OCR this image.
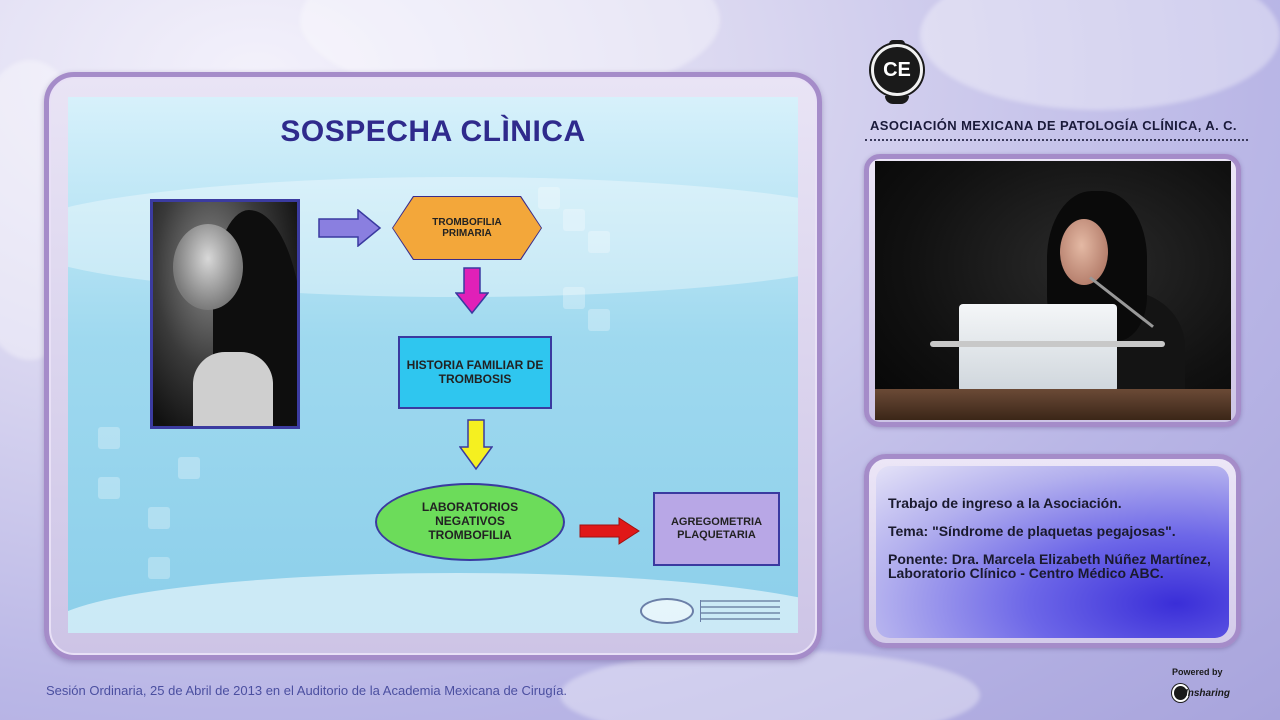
SOSPECHA CLÌNICA
TROMBOFILIA PRIMARIA
HISTORIA FAMILIAR DE TROMBOSIS
LABORATORIOS NEGATIVOS TROMBOFILIA
AGREGOMETRIA PLAQUETARIA
CE
ASOCIACIÓN MEXICANA DE PATOLOGÍA CLÍNICA, A. C.

Trabajo de ingreso a la Asociación.

Tema: "Síndrome de plaquetas pegajosas".

Ponente: Dra. Marcela Elizabeth Núñez Martínez, Laboratorio Clínico - Centro Médico ABC.

Sesión Ordinaria, 25 de Abril de 2013 en el Auditorio de la Academia Mexicana de Cirugía.
Powered by
Insharing
